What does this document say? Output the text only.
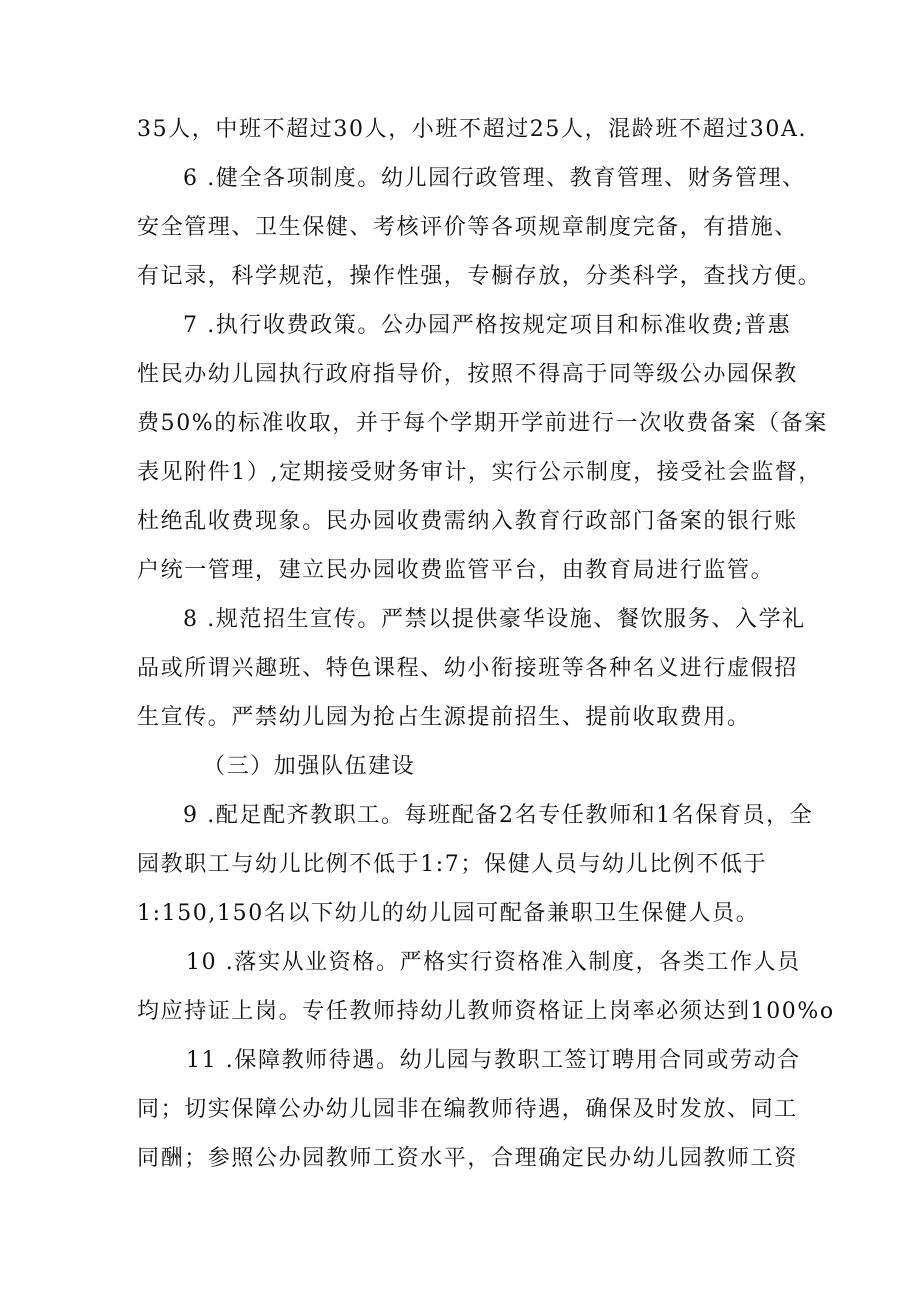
35人，中班不超过30人，小班不超过25人，混龄班不超过30A.
6 .健全各项制度。幼儿园行政管理、教育管理、财务管理、
安全管理、卫生保健、考核评价等各项规章制度完备，有措施、
有记录，科学规范，操作性强，专橱存放，分类科学，查找方便。
7 .执行收费政策。公办园严格按规定项目和标准收费;普惠
性民办幼儿园执行政府指导价，按照不得高于同等级公办园保教
费50%的标准收取，并于每个学期开学前进行一次收费备案（备案
表见附件1）,定期接受财务审计，实行公示制度，接受社会监督，
杜绝乱收费现象。民办园收费需纳入教育行政部门备案的银行账
户统一管理，建立民办园收费监管平台，由教育局进行监管。
8 .规范招生宣传。严禁以提供豪华设施、餐饮服务、入学礼
品或所谓兴趣班、特色课程、幼小衔接班等各种名义进行虚假招
生宣传。严禁幼儿园为抢占生源提前招生、提前收取费用。
（三）加强队伍建设
9 .配足配齐教职工。每班配备2名专任教师和1名保育员，全
园教职工与幼儿比例不低于1:7；保健人员与幼儿比例不低于
1:150,150名以下幼儿的幼儿园可配备兼职卫生保健人员。
10 .落实从业资格。严格实行资格准入制度，各类工作人员
均应持证上岗。专任教师持幼儿教师资格证上岗率必须达到100%o
11 .保障教师待遇。幼儿园与教职工签订聘用合同或劳动合
同；切实保障公办幼儿园非在编教师待遇，确保及时发放、同工
同酬；参照公办园教师工资水平，合理确定民办幼儿园教师工资
